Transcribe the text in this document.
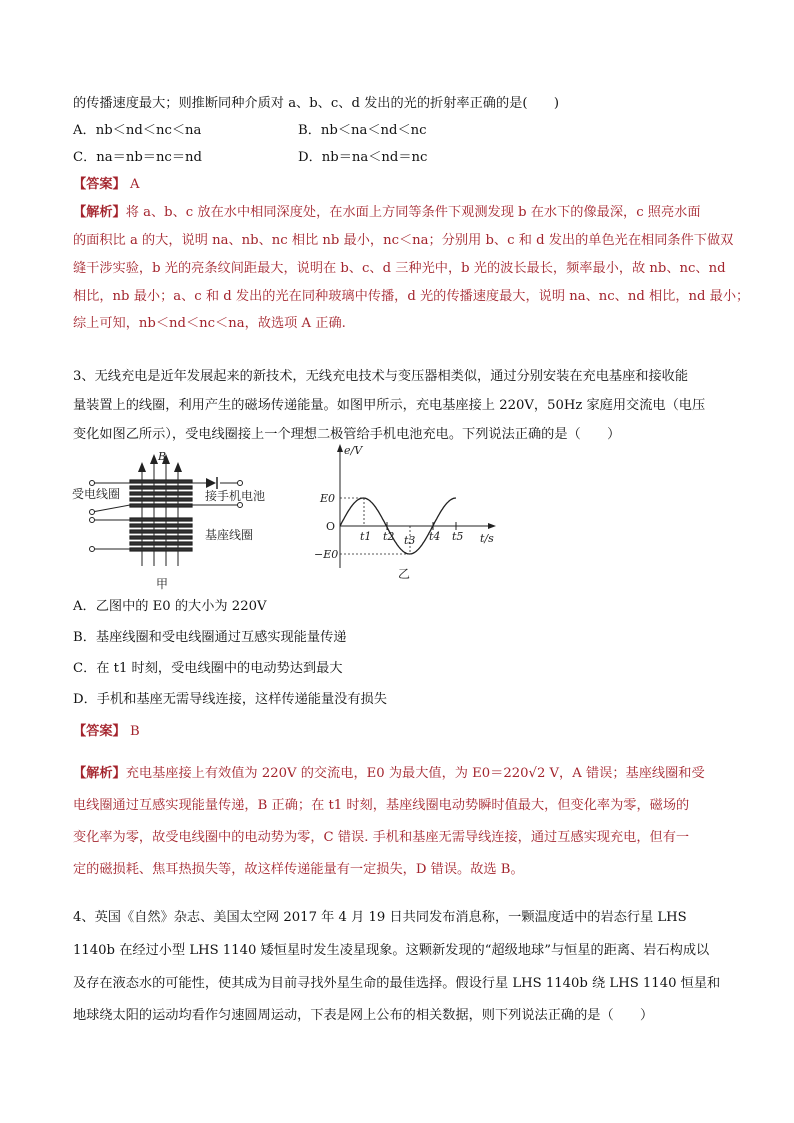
的传播速度最大；则推断同种介质对 a、b、c、d 发出的光的折射率正确的是(　　)
A．nb＜nd＜nc＜na	B．nb＜na＜nd＜nc
C．na＝nb＝nc＝nd	D．nb＝na＜nd＝nc
【答案】 A
【解析】将 a、b、c 放在水中相同深度处，在水面上方同等条件下观测发现 b 在水下的像最深，c 照亮水面
的面积比 a 的大，说明 na、nb、nc 相比 nb 最小，nc＜na；分别用 b、c 和 d 发出的单色光在相同条件下做双
缝干涉实验，b 光的亮条纹间距最大，说明在 b、c、d 三种光中，b 光的波长最长，频率最小，故 nb、nc、nd
相比，nb 最小；a、c 和 d 发出的光在同种玻璃中传播，d 光的传播速度最大，说明 na、nc、nd 相比，nd 最小；
综上可知，nb＜nd＜nc＜na，故选项 A 正确.
3、无线充电是近年发展起来的新技术，无线充电技术与变压器相类似，通过分别安装在充电基座和接收能
量装置上的线圈，利用产生的磁场传递能量。如图甲所示，充电基座接上 220V，50Hz 家庭用交流电（电压
变化如图乙所示），受电线圈接上一个理想二极管给手机电池充电。下列说法正确的是（　　）
B
受电线圈	接手机电池
基座线圈
甲
e/V
t/s
O
E0
−E0
t1 t2 t3 t4 t5
乙
A．乙图中的 E0 的大小为 220V
B．基座线圈和受电线圈通过互感实现能量传递
C．在 t1 时刻，受电线圈中的电动势达到最大
D．手机和基座无需导线连接，这样传递能量没有损失
【答案】 B
【解析】充电基座接上有效值为 220V 的交流电，E0 为最大值，为 E0＝220√2 V，A 错误；基座线圈和受
电线圈通过互感实现能量传递，B 正确；在 t1 时刻，基座线圈电动势瞬时值最大，但变化率为零，磁场的
变化率为零，故受电线圈中的电动势为零，C 错误. 手机和基座无需导线连接，通过互感实现充电，但有一
定的磁损耗、焦耳热损失等，故这样传递能量有一定损失，D 错误。故选 B。
4、英国《自然》杂志、美国太空网 2017 年 4 月 19 日共同发布消息称，一颗温度适中的岩态行星 LHS
1140b 在经过小型 LHS 1140 矮恒星时发生凌星现象。这颗新发现的“超级地球”与恒星的距离、岩石构成以
及存在液态水的可能性，使其成为目前寻找外星生命的最佳选择。假设行星 LHS 1140b 绕 LHS 1140 恒星和
地球绕太阳的运动均看作匀速圆周运动，下表是网上公布的相关数据，则下列说法正确的是（　　）
